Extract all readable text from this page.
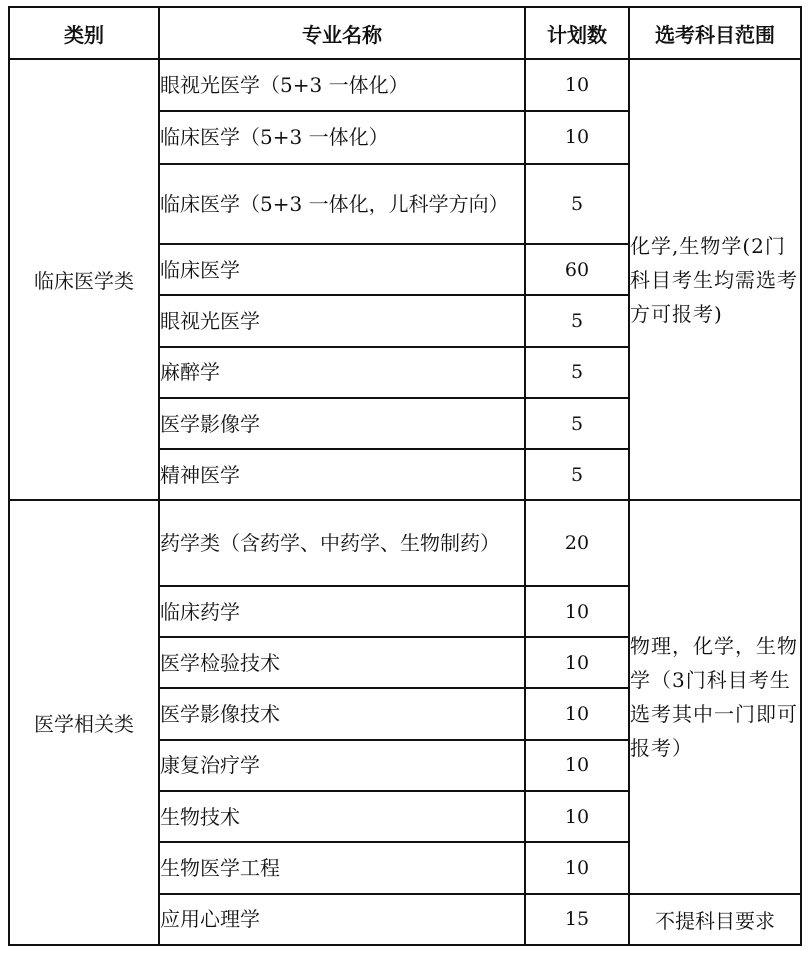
类别	专业名称	计划数	选考科目范围
临床医学类	眼视光医学（5+3 一体化）	10	化学,生物学(2门科目考生均需选考方可报考)
	临床医学（5+3 一体化）	10	
	临床医学（5+3 一体化，儿科学方向）	5	
	临床医学	60	
	眼视光医学	5	
	麻醉学	5	
	医学影像学	5	
	精神医学	5	
医学相关类	药学类（含药学、中药学、生物制药）	20	物理，化学，生物学（3门科目考生选考其中一门即可报考）
	临床药学	10	
	医学检验技术	10	
	医学影像技术	10	
	康复治疗学	10	
	生物技术	10	
	生物医学工程	10	
	应用心理学	15	不提科目要求
